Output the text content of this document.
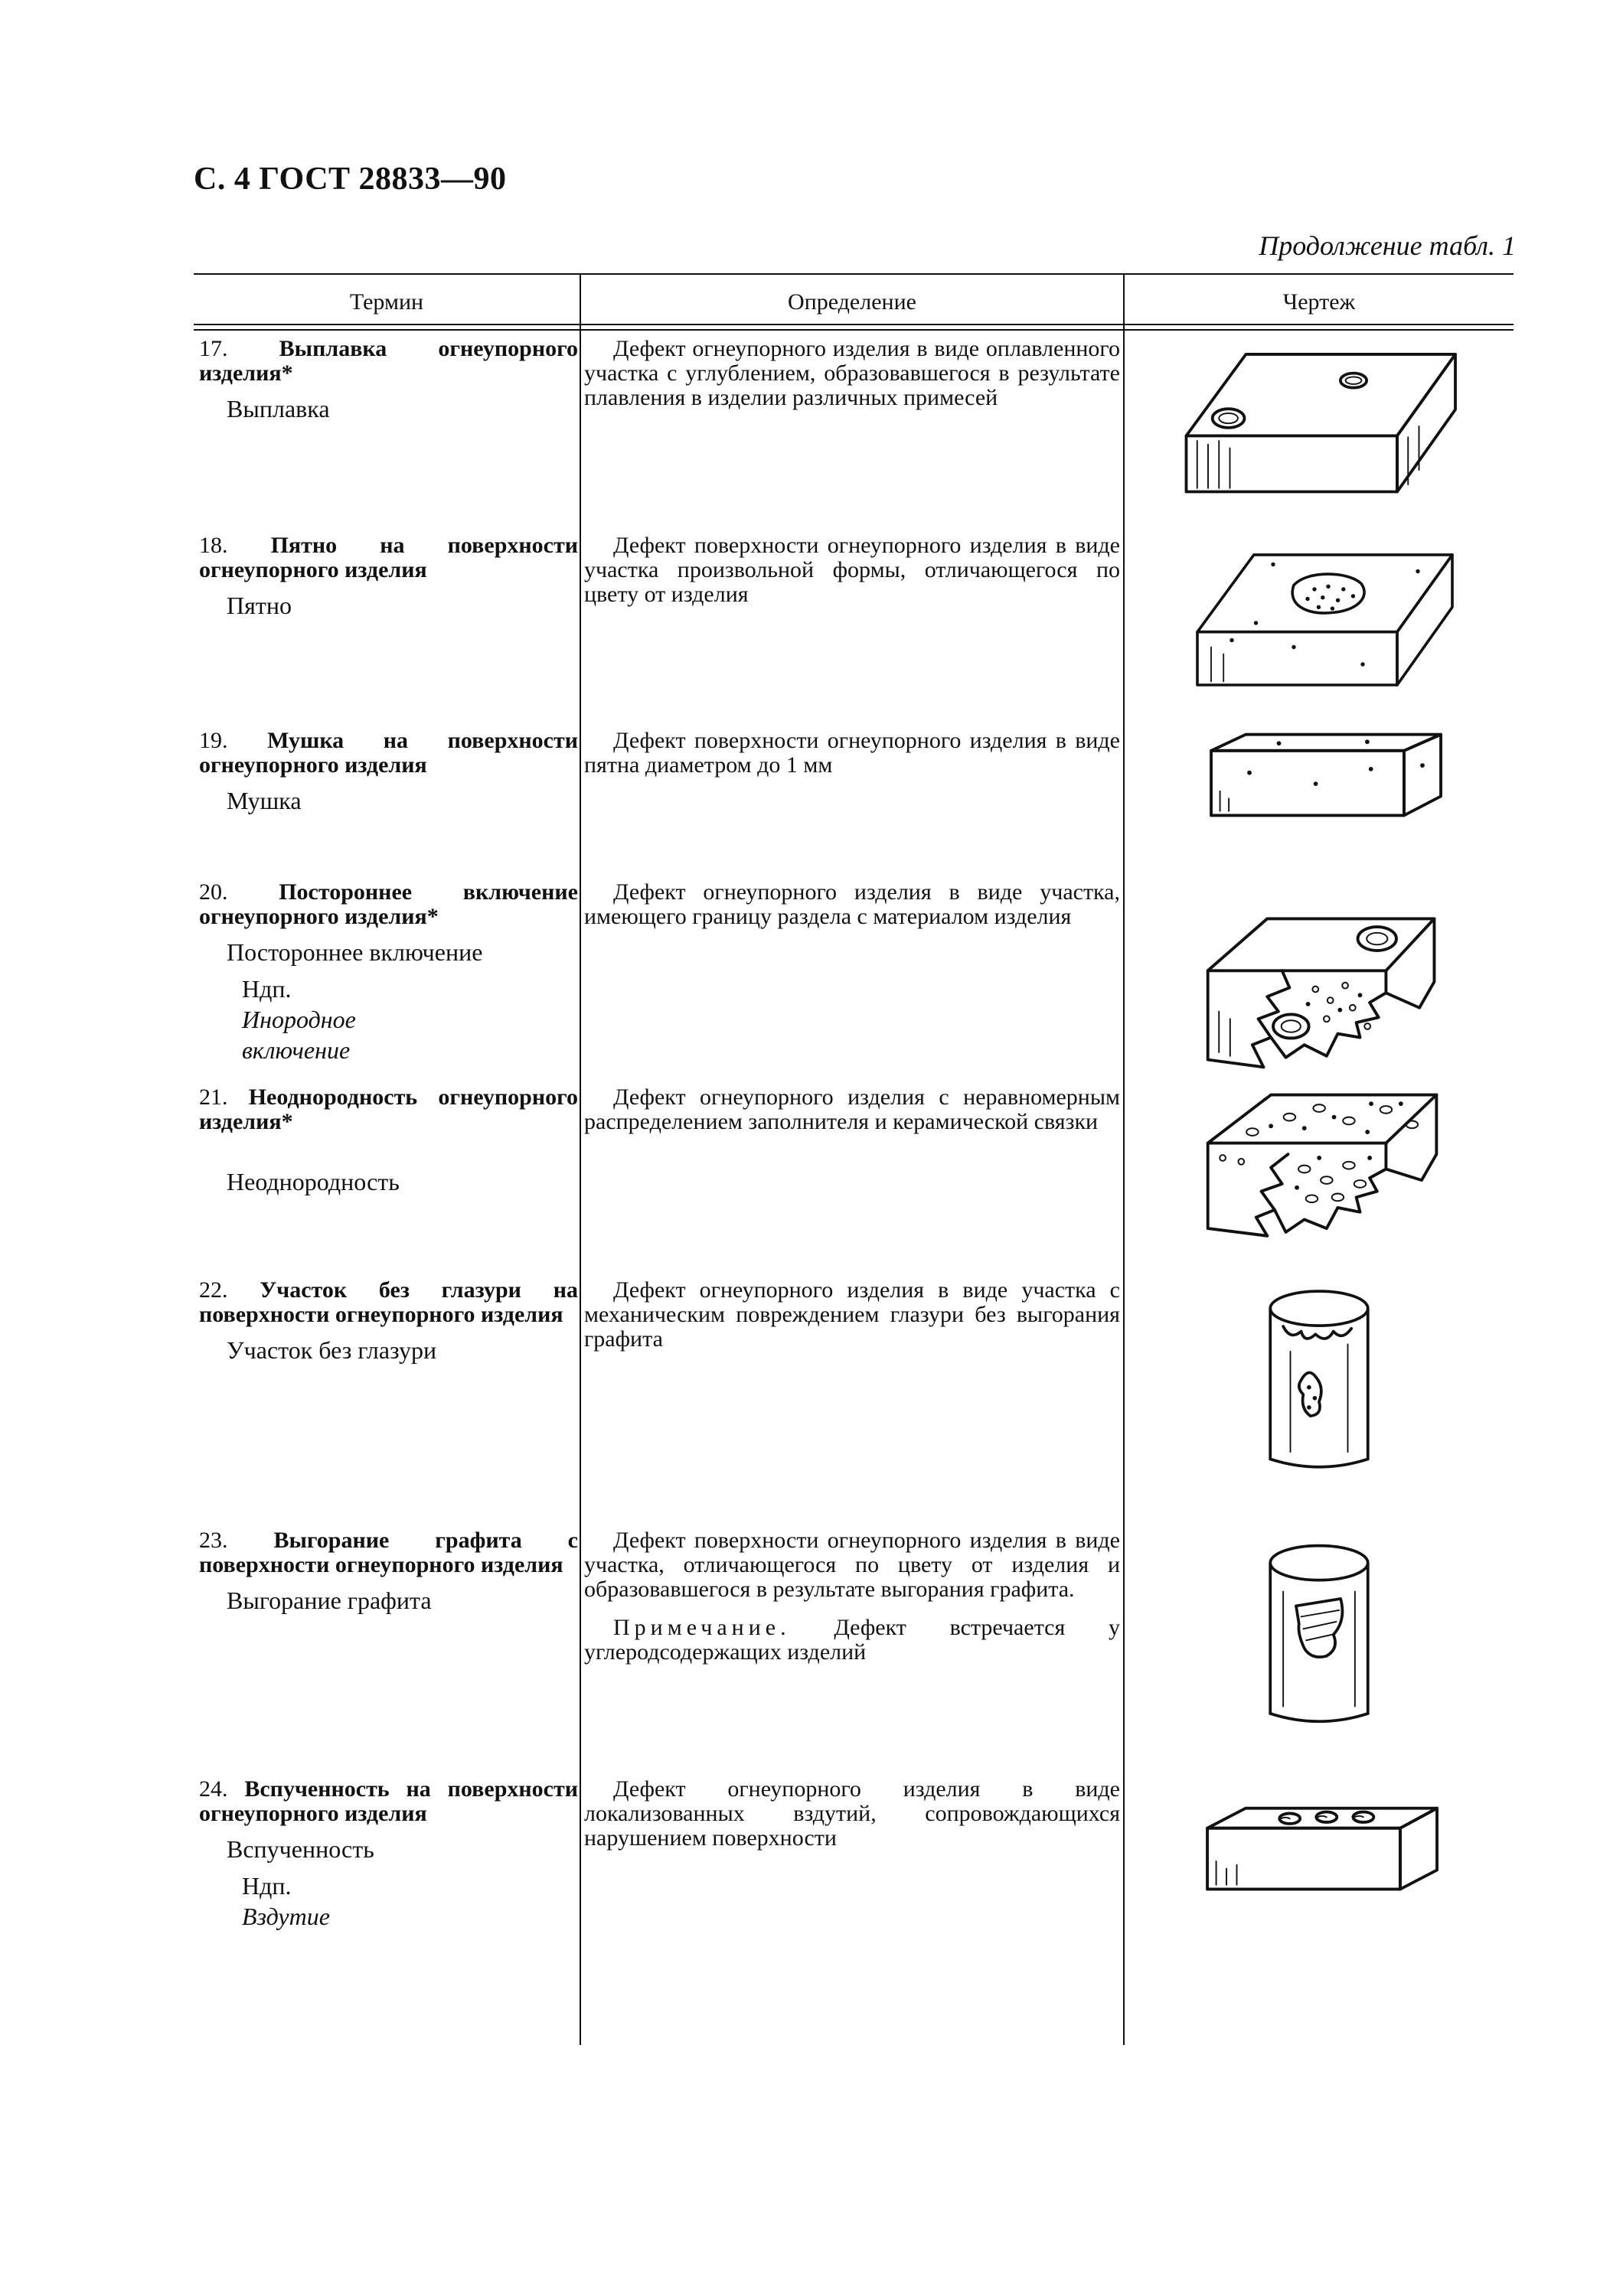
С. 4 ГОСТ 28833—90
Продолжение табл. 1
Термин	Определение	Чертеж
17. Выплавка огнеупорного изделия*
Выплавка
Дефект огнеупорного изделия в виде оплавленного участка с углублением, образовавшегося в результате плавления в изделии различных примесей
18. Пятно на поверхности огнеупорного изделия
Пятно
Дефект поверхности огнеупорного изделия в виде участка произвольной формы, отличающегося по цвету от изделия
19. Мушка на поверхности огнеупорного изделия
Мушка
Дефект поверхности огнеупорного изделия в виде пятна диаметром до 1 мм
20. Постороннее включение огнеупорного изделия*
Постороннее включение
Ндп.
Инородное включение
Дефект огнеупорного изделия в виде участка, имеющего границу раздела с материалом изделия
21. Неоднородность огнеупорного изделия*
Неоднородность
Дефект огнеупорного изделия с неравномерным распределением заполнителя и керамической связки
22. Участок без глазури на поверхности огнеупорного изделия
Участок без глазури
Дефект огнеупорного изделия в виде участка с механическим повреждением глазури без выгорания графита
23. Выгорание графита с поверхности огнеупорного изделия
Выгорание графита
Дефект поверхности огнеупорного изделия в виде участка, отличающегося по цвету от изделия и образовавшегося в результате выгорания графита.
Примечание. Дефект встречается у углеродсодержащих изделий
24. Вспученность на поверхности огнеупорного изделия
Вспученность
Ндп.
Вздутие
Дефект огнеупорного изделия в виде локализованных вздутий, сопровождающихся нарушением поверхности
